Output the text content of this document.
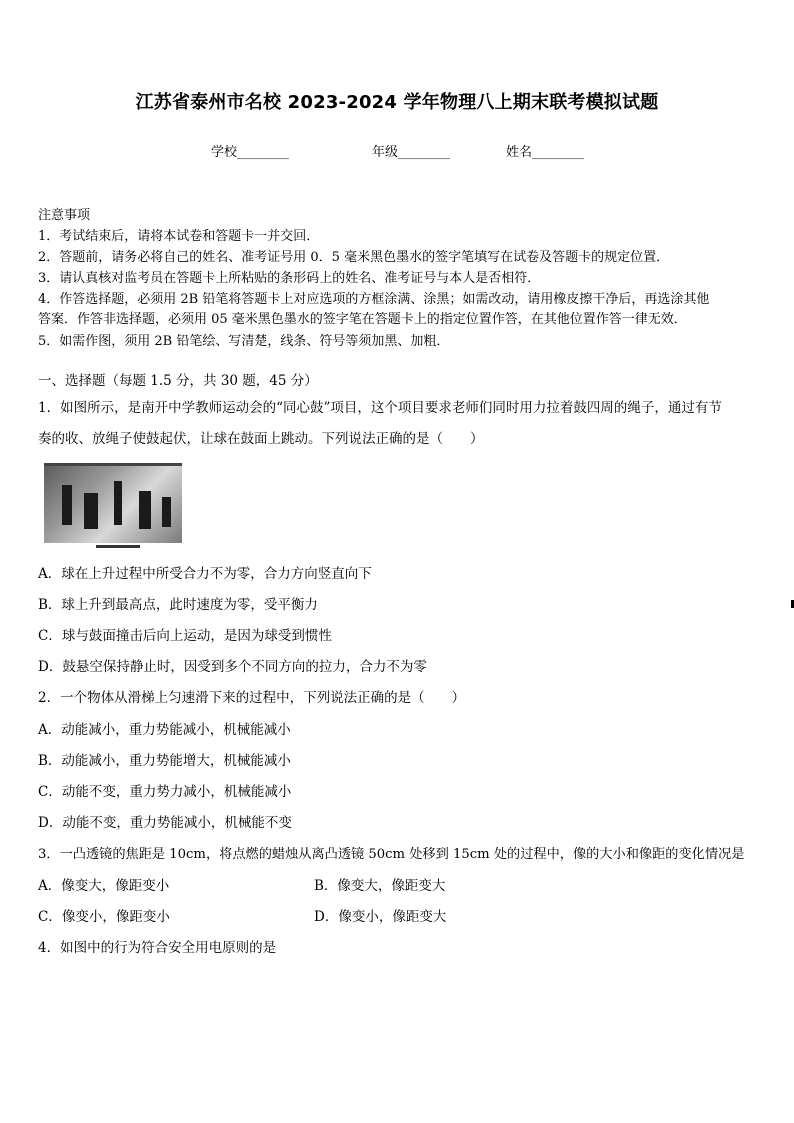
江苏省泰州市名校 2023-2024 学年物理八上期末联考模拟试题
学校________	年级________	姓名________
注意事项
1．考试结束后，请将本试卷和答题卡一并交回．
2．答题前，请务必将自己的姓名、准考证号用 0．5 毫米黑色墨水的签字笔填写在试卷及答题卡的规定位置．
3．请认真核对监考员在答题卡上所粘贴的条形码上的姓名、准考证号与本人是否相符．
4．作答选择题，必须用 2B 铅笔将答题卡上对应选项的方框涂满、涂黑；如需改动，请用橡皮擦干净后，再选涂其他
答案．作答非选择题，必须用 05 毫米黑色墨水的签字笔在答题卡上的指定位置作答，在其他位置作答一律无效．
5．如需作图，须用 2B 铅笔绘、写清楚，线条、符号等须加黑、加粗．
一、选择题（每题 1.5 分，共 30 题，45 分）
1．如图所示，是南开中学教师运动会的“同心鼓”项目，这个项目要求老师们同时用力拉着鼓四周的绳子，通过有节
奏的收、放绳子使鼓起伏，让球在鼓面上跳动。下列说法正确的是（　　）
A．球在上升过程中所受合力不为零，合力方向竖直向下
B．球上升到最高点，此时速度为零，受平衡力
C．球与鼓面撞击后向上运动，是因为球受到惯性
D．鼓悬空保持静止时，因受到多个不同方向的拉力，合力不为零
2．一个物体从滑梯上匀速滑下来的过程中，下列说法正确的是（　　）
A．动能减小，重力势能减小，机械能减小
B．动能减小，重力势能增大，机械能减小
C．动能不变，重力势力减小，机械能减小
D．动能不变，重力势能减小，机械能不变
3．一凸透镜的焦距是 10cm，将点燃的蜡烛从离凸透镜 50cm 处移到 15cm 处的过程中，像的大小和像距的变化情况是
A．像变大，像距变小	B．像变大，像距变大
C．像变小，像距变小	D．像变小，像距变大
4．如图中的行为符合安全用电原则的是
